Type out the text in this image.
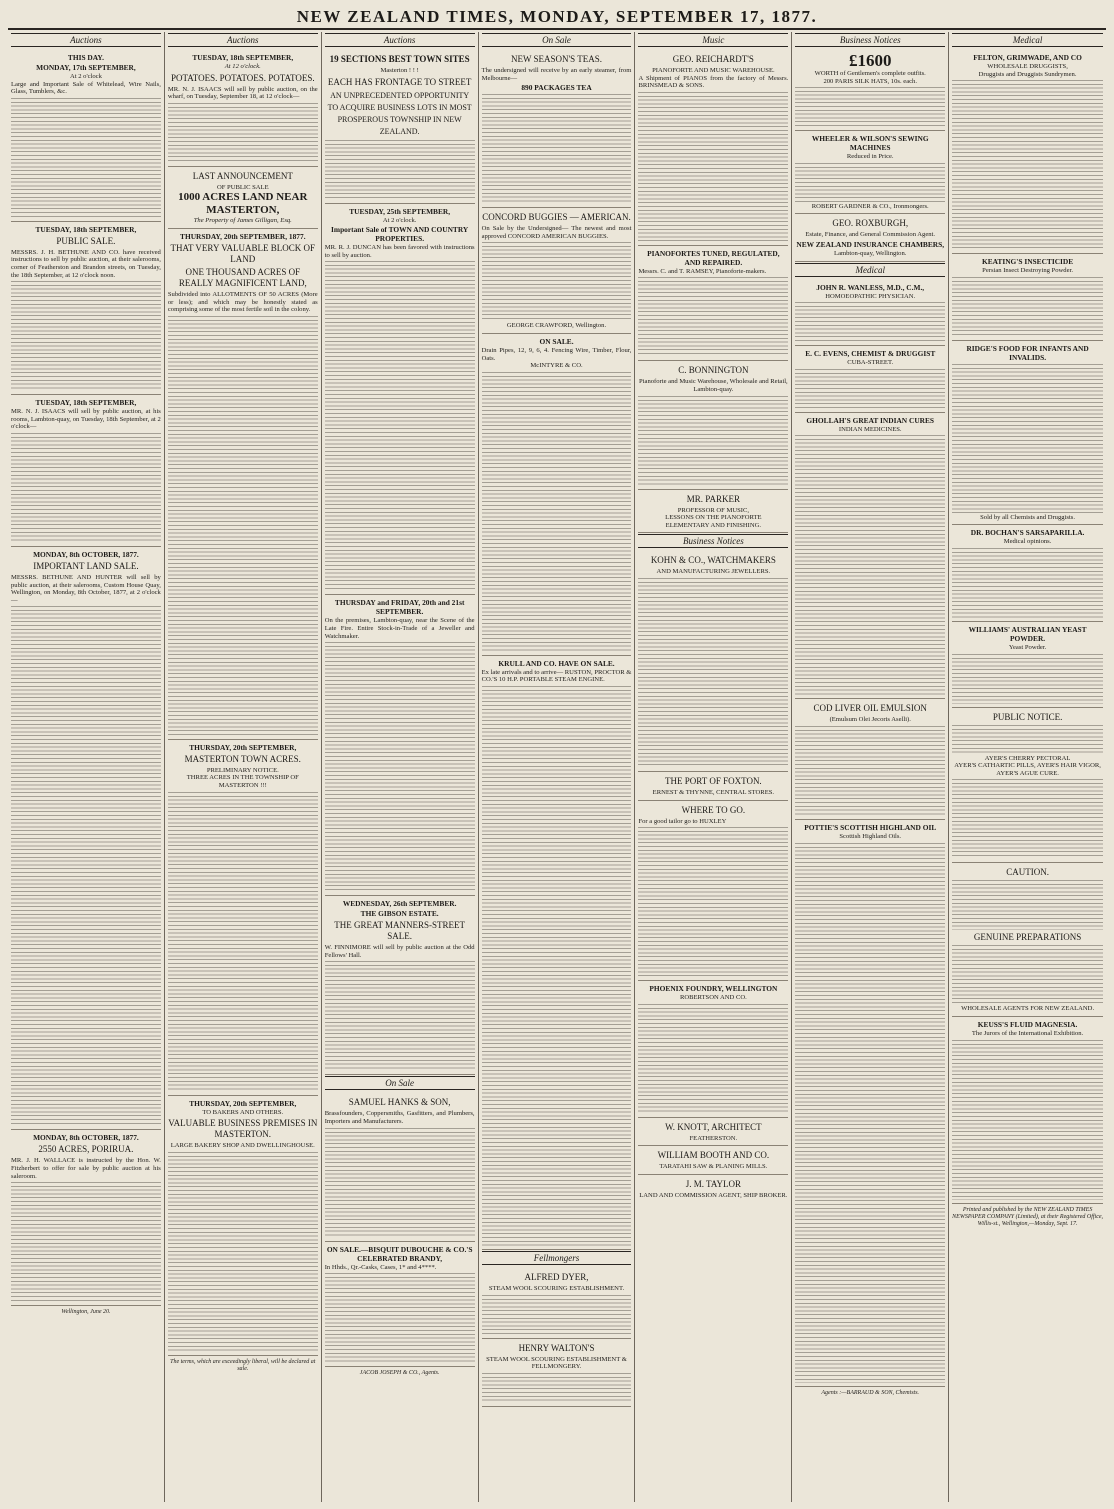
NEW ZEALAND TIMES, MONDAY, SEPTEMBER 17, 1877.
Auctions
THIS DAY.
MONDAY, 17th SEPTEMBER,
At 2 o'clock
Large and Important Sale of Whitelead, Wire Nails, Glass, Tumblers, &c.
TUESDAY, 18th SEPTEMBER,
PUBLIC SALE.
MESSRS. J. H. BETHUNE AND CO. have received instructions to sell by public auction, at their salerooms, corner of Featherston and Brandon streets, on Tuesday, the 18th September, at 12 o'clock noon.
TUESDAY, 18th SEPTEMBER,
MR. N. J. ISAACS will sell by public auction, at his rooms, Lambton-quay, on Tuesday, 18th September, at 2 o'clock—
MONDAY, 8th OCTOBER, 1877.
IMPORTANT LAND SALE.
MESSRS. BETHUNE AND HUNTER will sell by public auction, at their salerooms, Custom House Quay, Wellington, on Monday, 8th October, 1877, at 2 o'clock—
MONDAY, 8th OCTOBER, 1877.
2550 ACRES, PORIRUA.
MR. J. H. WALLACE is instructed by the Hon. W. Fitzherbert to offer for sale by public auction at his saleroom.
Wellington, June 20.
Auctions
TUESDAY, 18th SEPTEMBER,
At 12 o'clock.
POTATOES. POTATOES. POTATOES.
MR. N. J. ISAACS will sell by public auction, on the wharf, on Tuesday, September 18, at 12 o'clock—
LAST ANNOUNCEMENT
OF PUBLIC SALE
1000 ACRES LAND NEAR MASTERTON,
The Property of James Gilligan, Esq.
THURSDAY, 20th SEPTEMBER, 1877.
THAT VERY VALUABLE BLOCK OF LAND
ONE THOUSAND ACRES OF REALLY MAGNIFICENT LAND,
Subdivided into ALLOTMENTS OF 50 ACRES (More or less); and which may be honestly stated as comprising some of the most fertile soil in the colony.
THURSDAY, 20th SEPTEMBER,
MASTERTON TOWN ACRES.
PRELIMINARY NOTICE.
THREE ACRES IN THE TOWNSHIP OF MASTERTON !!!
THURSDAY, 20th SEPTEMBER,
TO BAKERS AND OTHERS.
VALUABLE BUSINESS PREMISES IN MASTERTON.
LARGE BAKERY SHOP AND DWELLINGHOUSE.
The terms, which are exceedingly liberal, will be declared at sale.
Auctions
19 SECTIONS BEST TOWN SITES
Masterton ! ! !
EACH HAS FRONTAGE TO STREET
AN UNPRECEDENTED OPPORTUNITY TO ACQUIRE BUSINESS LOTS IN MOST PROSPEROUS TOWNSHIP IN NEW ZEALAND.
TUESDAY, 25th SEPTEMBER,
At 2 o'clock.
Important Sale of TOWN AND COUNTRY PROPERTIES.
MR. R. J. DUNCAN has been favored with instructions to sell by auction.
THURSDAY and FRIDAY, 20th and 21st SEPTEMBER.
On the premises, Lambton-quay, near the Scene of the Late Fire. Entire Stock-in-Trade of a Jeweller and Watchmaker.
WEDNESDAY, 26th SEPTEMBER.
THE GIBSON ESTATE.
THE GREAT MANNERS-STREET SALE.
W. FINNIMORE will sell by public auction at the Odd Fellows' Hall.
On Sale
SAMUEL HANKS & SON,
Brassfounders, Coppersmiths, Gasfitters, and Plumbers, Importers and Manufacturers.
ON SALE.—BISQUIT DUBOUCHE & CO.'S CELEBRATED BRANDY,
In Hhds., Qr.-Casks, Cases, 1* and 4****.
JACOB JOSEPH & CO., Agents.
On Sale
NEW SEASON'S TEAS.
The undersigned will receive by an early steamer, from Melbourne—
890 PACKAGES TEA
CONCORD BUGGIES — AMERICAN.
On Sale by the Undersigned— The newest and most approved CONCORD AMERICAN BUGGIES.
GEORGE CRAWFORD, Wellington.
ON SALE.
Drain Pipes, 12, 9, 6, 4. Fencing Wire, Timber, Flour, Oats.
McINTYRE & CO.
KRULL AND CO. HAVE ON SALE.
Ex late arrivals and to arrive— RUSTON, PROCTOR & CO.'S 10 H.P. PORTABLE STEAM ENGINE.
Fellmongers
ALFRED DYER,
STEAM WOOL SCOURING ESTABLISHMENT.
HENRY WALTON'S
STEAM WOOL SCOURING ESTABLISHMENT & FELLMONGERY.
Music
GEO. REICHARDT'S
PIANOFORTE AND MUSIC WAREHOUSE.
A Shipment of PIANOS from the factory of Messrs. BRINSMEAD & SONS.
PIANOFORTES TUNED, REGULATED, AND REPAIRED.
Messrs. C. and T. RAMSEY, Pianoforte-makers.
C. BONNINGTON
Pianoforte and Music Warehouse, Wholesale and Retail, Lambton-quay.
MR. PARKER
PROFESSOR OF MUSIC,
LESSONS ON THE PIANOFORTE
ELEMENTARY AND FINISHING.
Business Notices
KOHN & CO., WATCHMAKERS
AND MANUFACTURING JEWELLERS.
THE PORT OF FOXTON.
ERNEST & THYNNE, CENTRAL STORES.
WHERE TO GO.
For a good tailor go to HUXLEY
PHOENIX FOUNDRY, WELLINGTON
ROBERTSON AND CO.
W. KNOTT, ARCHITECT
FEATHERSTON.
WILLIAM BOOTH AND CO.
TARATAHI SAW & PLANING MILLS.
J. M. TAYLOR
LAND AND COMMISSION AGENT, SHIP BROKER.
Business Notices
£1600
WORTH of Gentlemen's complete outfits.
200 PARIS SILK HATS, 10s. each.
WHEELER & WILSON'S SEWING MACHINES
Reduced in Price.
ROBERT GARDNER & CO., Ironmongers.
GEO. ROXBURGH,
Estate, Finance, and General Commission Agent.
NEW ZEALAND INSURANCE CHAMBERS,
Lambton-quay, Wellington.
Medical
JOHN R. WANLESS, M.D., C.M.,
HOMOEOPATHIC PHYSICIAN.
E. C. EVENS, CHEMIST & DRUGGIST
CUBA-STREET.
GHOLLAH'S GREAT INDIAN CURES
INDIAN MEDICINES.
COD LIVER OIL EMULSION
(Emulsum Olei Jecoris Aselli).
POTTIE'S SCOTTISH HIGHLAND OIL
Scottish Highland Oils.
Agents :—BARRAUD & SON, Chemists.
Medical
FELTON, GRIMWADE, AND CO
WHOLESALE DRUGGISTS,
Druggists and Druggists Sundrymen.
KEATING'S INSECTICIDE
Persian Insect Destroying Powder.
RIDGE'S FOOD FOR INFANTS AND INVALIDS.
Sold by all Chemists and Druggists.
DR. BOCHAN'S SARSAPARILLA.
Medical opinions.
WILLIAMS' AUSTRALIAN YEAST POWDER.
Yeast Powder.
PUBLIC NOTICE.
AYER'S CHERRY PECTORAL
AYER'S CATHARTIC PILLS, AYER'S HAIR VIGOR, AYER'S AGUE CURE.
CAUTION.
GENUINE PREPARATIONS
WHOLESALE AGENTS FOR NEW ZEALAND.
KEUSS'S FLUID MAGNESIA.
The Jurors of the International Exhibition.
Printed and published by the NEW ZEALAND TIMES NEWSPAPER COMPANY (Limited), at their Registered Office, Willis-st., Wellington,—Monday, Sept. 17.
